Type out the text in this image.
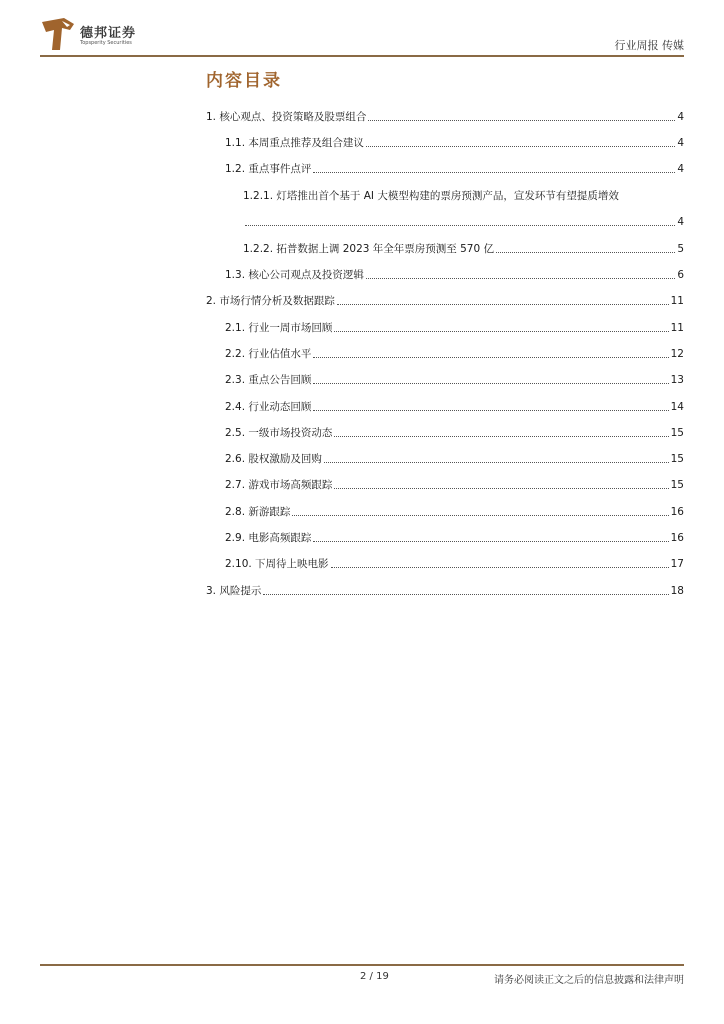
德邦证券
Topsperity Securities	行业周报 传媒
内容目录
1. 核心观点、投资策略及股票组合	4
1.1. 本周重点推荐及组合建议	4
1.2. 重点事件点评	4
1.2.1. 灯塔推出首个基于 AI 大模型构建的票房预测产品，宣发环节有望提质增效
4
1.2.2. 拓普数据上调 2023 年全年票房预测至 570 亿	5
1.3. 核心公司观点及投资逻辑	6
2. 市场行情分析及数据跟踪	11
2.1. 行业一周市场回顾	11
2.2. 行业估值水平	12
2.3. 重点公告回顾	13
2.4. 行业动态回顾	14
2.5. 一级市场投资动态	15
2.6. 股权激励及回购	15
2.7. 游戏市场高频跟踪	15
2.8. 新游跟踪	16
2.9. 电影高频跟踪	16
2.10. 下周待上映电影	17
3. 风险提示	18
2 / 19	请务必阅读正文之后的信息披露和法律声明
